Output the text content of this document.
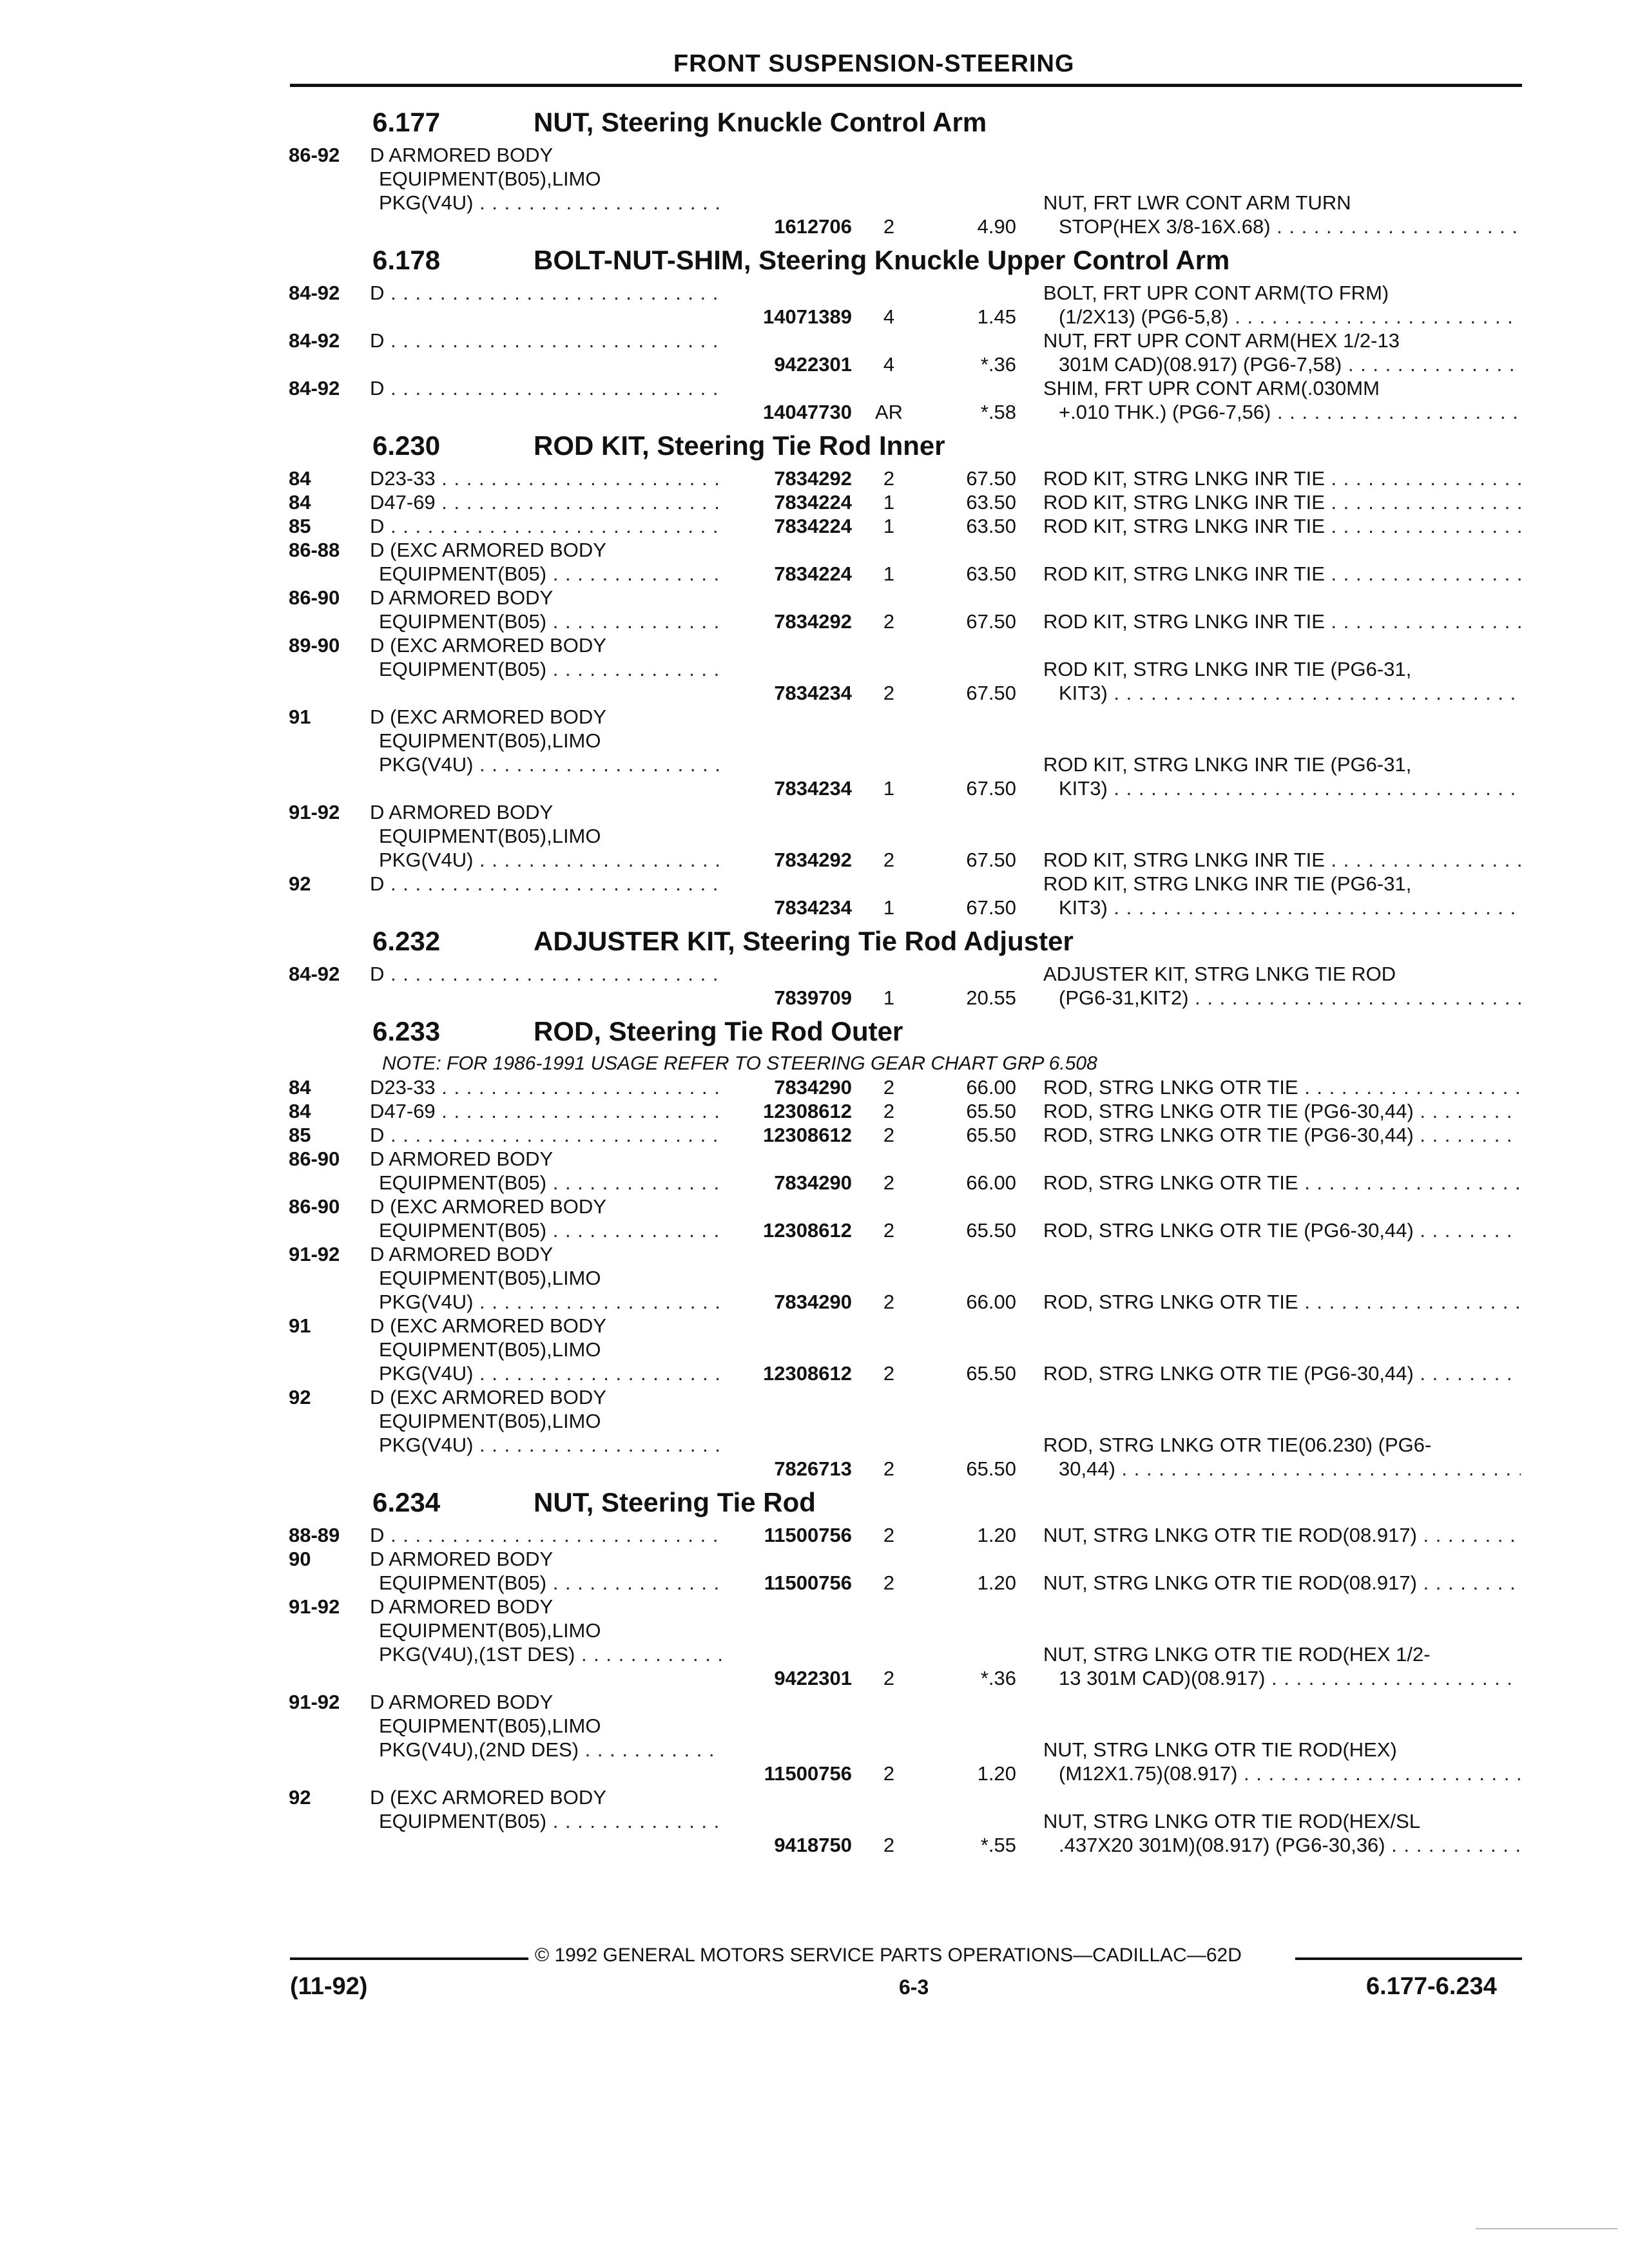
FRONT SUSPENSION-STEERING
6.177	NUT, Steering Knuckle Control Arm
86-92	D ARMORED BODY
EQUIPMENT(B05),LIMO
PKG(V4U) . . .
1612706	2	4.90
NUT, FRT LWR CONT ARM TURN
STOP(HEX 3/8-16X.68) . . .
6.178	BOLT-NUT-SHIM, Steering Knuckle Upper Control Arm
84-92	D . . .
14071389	4	1.45
BOLT, FRT UPR CONT ARM(TO FRM)
(1/2X13) (PG6-5,8) . . .
84-92	D . . .
9422301	4	*.36
NUT, FRT UPR CONT ARM(HEX 1/2-13
301M CAD)(08.917) (PG6-7,58) . . .
84-92	D . . .
14047730	AR	*.58
SHIM, FRT UPR CONT ARM(.030MM
+.010 THK.) (PG6-7,56) . . .
6.230	ROD KIT, Steering Tie Rod Inner
84	D23-33 . . .	7834292	2	67.50 ROD KIT, STRG LNKG INR TIE . . .
84	D47-69 . . .	7834224	1	63.50 ROD KIT, STRG LNKG INR TIE . . .
85	D . . .	7834224	1	63.50 ROD KIT, STRG LNKG INR TIE . . .
86-88	D (EXC ARMORED BODY
EQUIPMENT(B05) . . .	7834224	1	63.50 ROD KIT, STRG LNKG INR TIE . . .
86-90	D ARMORED BODY
EQUIPMENT(B05) . . .	7834292	2	67.50 ROD KIT, STRG LNKG INR TIE . . .
89-90	D (EXC ARMORED BODY
EQUIPMENT(B05) . . .
7834234	2	67.50
ROD KIT, STRG LNKG INR TIE (PG6-31,
KIT3) . . .
91	D (EXC ARMORED BODY
EQUIPMENT(B05),LIMO
PKG(V4U) . . .
7834234	1	67.50
ROD KIT, STRG LNKG INR TIE (PG6-31,
KIT3) . . .
91-92	D ARMORED BODY
EQUIPMENT(B05),LIMO
PKG(V4U) . . .	7834292	2	67.50 ROD KIT, STRG LNKG INR TIE . . .
92	D . . .
7834234	1	67.50
ROD KIT, STRG LNKG INR TIE (PG6-31,
KIT3) . . .
6.232	ADJUSTER KIT, Steering Tie Rod Adjuster
84-92	D . . .
7839709	1	20.55
ADJUSTER KIT, STRG LNKG TIE ROD
(PG6-31,KIT2) . . .
6.233	ROD, Steering Tie Rod Outer
NOTE: FOR 1986-1991 USAGE REFER TO STEERING GEAR CHART GRP 6.508
84	D23-33 . . .	7834290	2	66.00 ROD, STRG LNKG OTR TIE . . .
84	D47-69 . . .	12308612	2	65.50 ROD, STRG LNKG OTR TIE (PG6-30,44) . . .
85	D . . .	12308612	2	65.50 ROD, STRG LNKG OTR TIE (PG6-30,44) . . .
86-90	D ARMORED BODY
EQUIPMENT(B05) . . .	7834290	2	66.00 ROD, STRG LNKG OTR TIE . . .
86-90	D (EXC ARMORED BODY
EQUIPMENT(B05) . . .	12308612	2	65.50 ROD, STRG LNKG OTR TIE (PG6-30,44) . . .
91-92	D ARMORED BODY
EQUIPMENT(B05),LIMO
PKG(V4U) . . .	7834290	2	66.00 ROD, STRG LNKG OTR TIE . . .
91	D (EXC ARMORED BODY
EQUIPMENT(B05),LIMO
PKG(V4U) . . .	12308612	2	65.50 ROD, STRG LNKG OTR TIE (PG6-30,44) . . .
92	D (EXC ARMORED BODY
EQUIPMENT(B05),LIMO
PKG(V4U) . . .
7826713	2	65.50
ROD, STRG LNKG OTR TIE(06.230) (PG6-
30,44) . . .
6.234	NUT, Steering Tie Rod
88-89	D . . .	11500756	2	1.20 NUT, STRG LNKG OTR TIE ROD(08.917) . . .
90	D ARMORED BODY
EQUIPMENT(B05) . . .	11500756	2	1.20 NUT, STRG LNKG OTR TIE ROD(08.917) . . .
91-92	D ARMORED BODY
EQUIPMENT(B05),LIMO
PKG(V4U),(1ST DES) . . .
9422301	2	*.36
NUT, STRG LNKG OTR TIE ROD(HEX 1/2-
13 301M CAD)(08.917) . . .
91-92	D ARMORED BODY
EQUIPMENT(B05),LIMO
PKG(V4U),(2ND DES) . . .
11500756	2	1.20
NUT, STRG LNKG OTR TIE ROD(HEX)
(M12X1.75)(08.917) . . .
92	D (EXC ARMORED BODY
EQUIPMENT(B05) . . .
9418750	2	*.55
NUT, STRG LNKG OTR TIE ROD(HEX/SL
.437X20 301M)(08.917) (PG6-30,36) . . .
© 1992 GENERAL MOTORS SERVICE PARTS OPERATIONS—CADILLAC—62D
(11-92)	6-3	6.177-6.234
